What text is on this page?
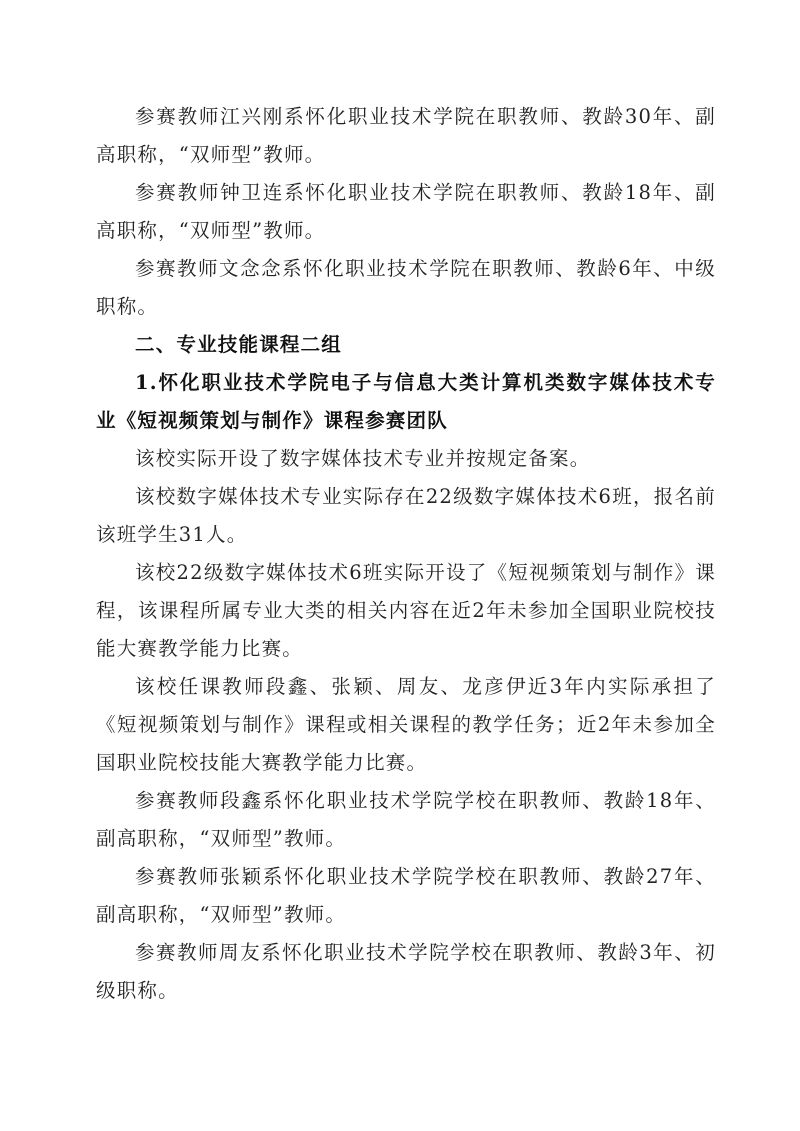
参赛教师江兴刚系怀化职业技术学院在职教师、教龄30年、副高职称，“双师型”教师。

参赛教师钟卫连系怀化职业技术学院在职教师、教龄18年、副高职称，“双师型”教师。

参赛教师文念念系怀化职业技术学院在职教师、教龄6年、中级职称。

二、专业技能课程二组

1.怀化职业技术学院电子与信息大类计算机类数字媒体技术专业《短视频策划与制作》课程参赛团队

该校实际开设了数字媒体技术专业并按规定备案。

该校数字媒体技术专业实际存在22级数字媒体技术6班，报名前该班学生31人。

该校22级数字媒体技术6班实际开设了《短视频策划与制作》课程，该课程所属专业大类的相关内容在近2年未参加全国职业院校技能大赛教学能力比赛。

该校任课教师段鑫、张颖、周友、龙彦伊近3年内实际承担了《短视频策划与制作》课程或相关课程的教学任务；近2年未参加全国职业院校技能大赛教学能力比赛。

参赛教师段鑫系怀化职业技术学院学校在职教师、教龄18年、副高职称，“双师型”教师。

参赛教师张颖系怀化职业技术学院学校在职教师、教龄27年、副高职称，“双师型”教师。

参赛教师周友系怀化职业技术学院学校在职教师、教龄3年、初级职称。
